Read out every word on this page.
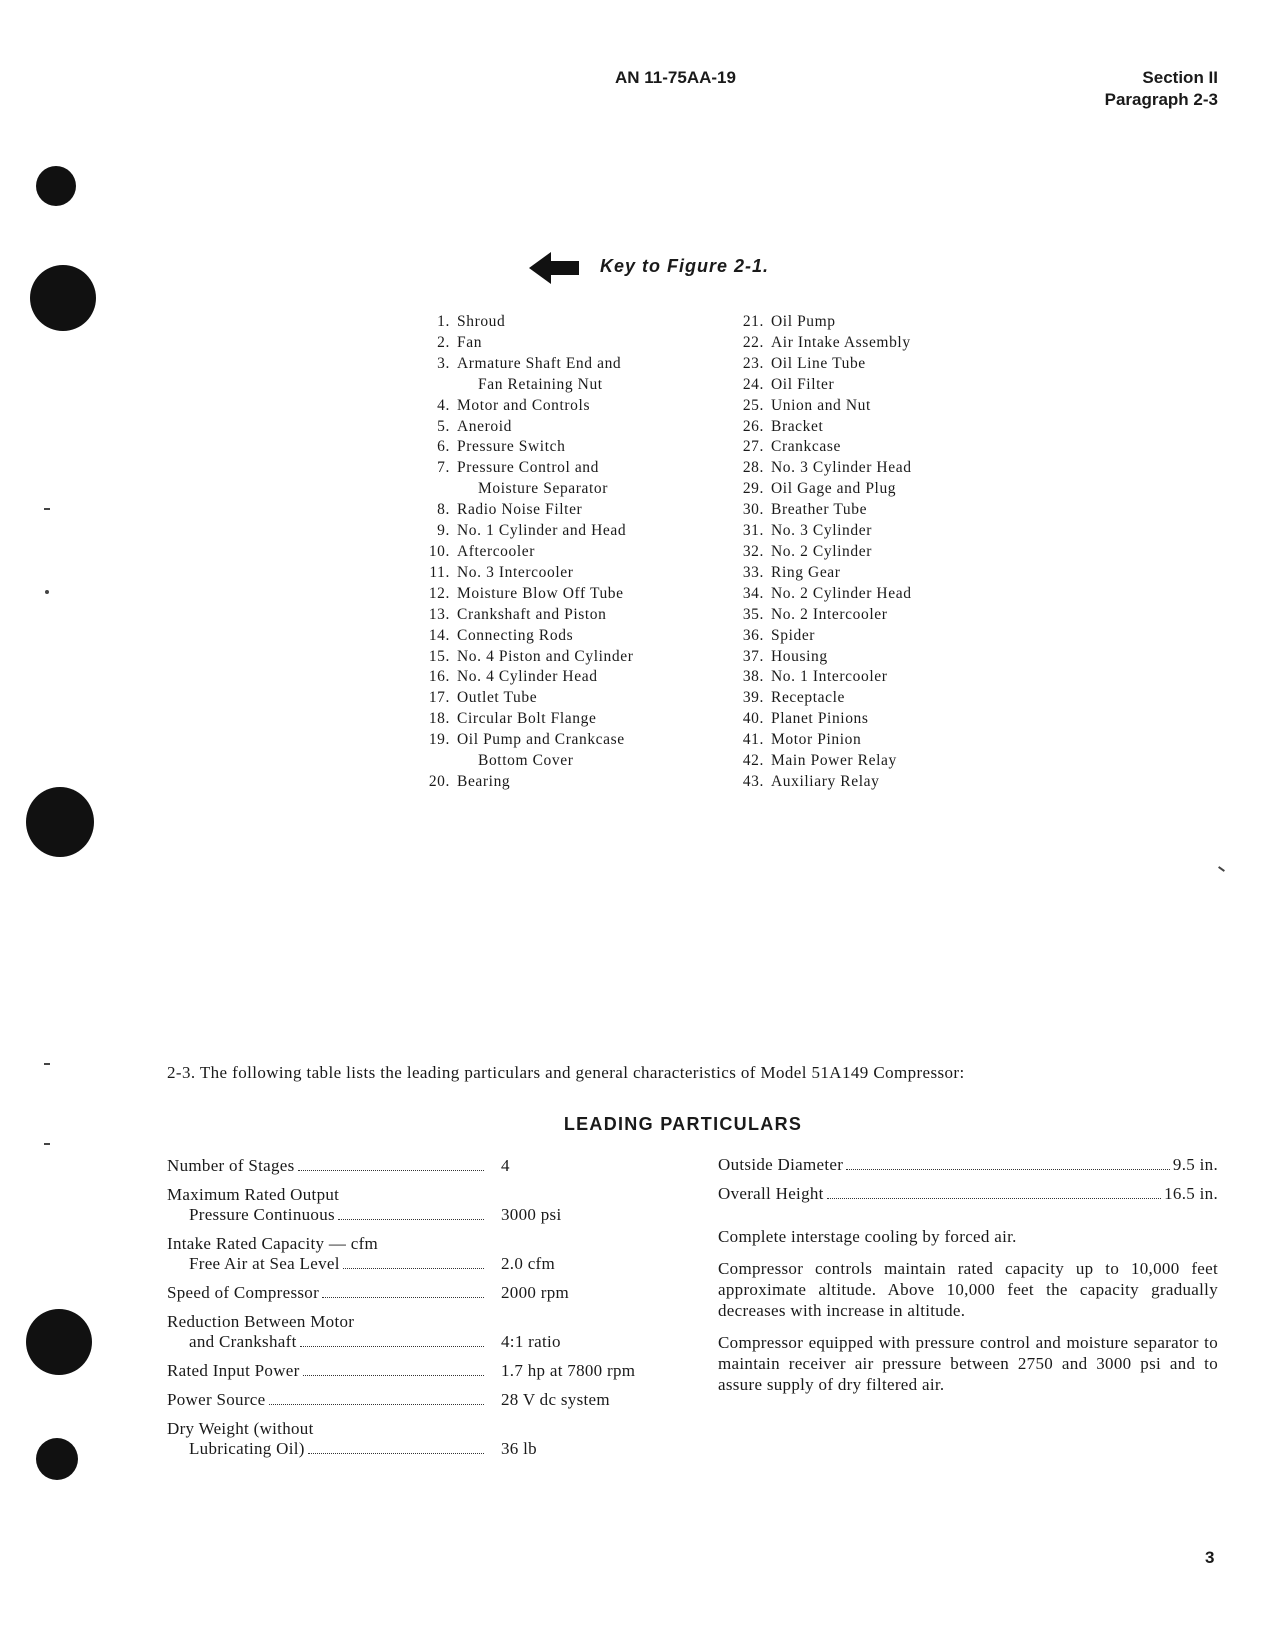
AN 11-75AA-19	Section II
Paragraph 2-3
Key to Figure 2-1.
1. Shroud
2. Fan
3. Armature Shaft End and
Fan Retaining Nut
4. Motor and Controls
5. Aneroid
6. Pressure Switch
7. Pressure Control and
Moisture Separator
8. Radio Noise Filter
9. No. 1 Cylinder and Head
10. Aftercooler
11. No. 3 Intercooler
12. Moisture Blow Off Tube
13. Crankshaft and Piston
14. Connecting Rods
15. No. 4 Piston and Cylinder
16. No. 4 Cylinder Head
17. Outlet Tube
18. Circular Bolt Flange
19. Oil Pump and Crankcase
Bottom Cover
20. Bearing
21. Oil Pump
22. Air Intake Assembly
23. Oil Line Tube
24. Oil Filter
25. Union and Nut
26. Bracket
27. Crankcase
28. No. 3 Cylinder Head
29. Oil Gage and Plug
30. Breather Tube
31. No. 3 Cylinder
32. No. 2 Cylinder
33. Ring Gear
34. No. 2 Cylinder Head
35. No. 2 Intercooler
36. Spider
37. Housing
38. No. 1 Intercooler
39. Receptacle
40. Planet Pinions
41. Motor Pinion
42. Main Power Relay
43. Auxiliary Relay
2-3. The following table lists the leading particulars and general characteristics of Model 51A149 Compressor:
LEADING PARTICULARS
Number of Stages	4
Maximum Rated Output
Pressure Continuous	3000 psi
Intake Rated Capacity — cfm
Free Air at Sea Level	2.0 cfm
Speed of Compressor	2000 rpm
Reduction Between Motor
and Crankshaft	4:1 ratio
Rated Input Power	1.7 hp at 7800 rpm
Power Source	28 V dc system
Dry Weight (without
Lubricating Oil)	36 lb
Outside Diameter	9.5 in.
Overall Height	16.5 in.
Complete interstage cooling by forced air.
Compressor controls maintain rated capacity up to 10,000 feet approximate altitude. Above 10,000 feet the capacity gradually decreases with increase in altitude.
Compressor equipped with pressure control and moisture separator to maintain receiver air pressure between 2750 and 3000 psi and to assure supply of dry filtered air.
3
